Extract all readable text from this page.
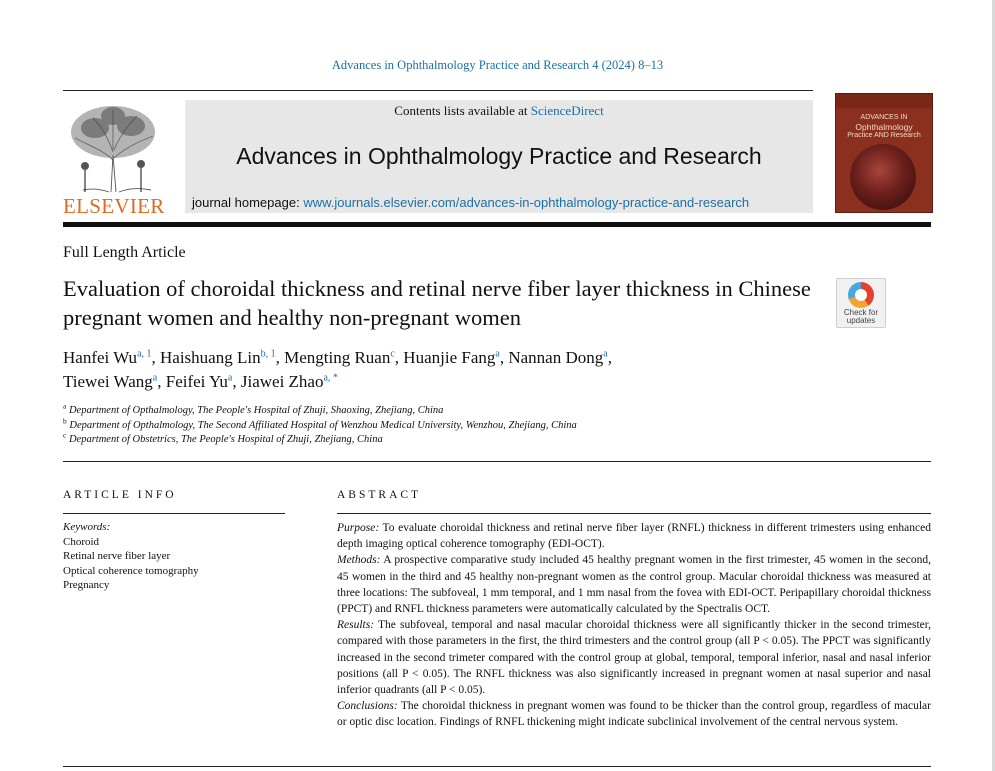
Advances in Ophthalmology Practice and Research 4 (2024) 8–13
ELSEVIER
Contents lists available at ScienceDirect
Advances in Ophthalmology Practice and Research
journal homepage: www.journals.elsevier.com/advances-in-ophthalmology-practice-and-research
ADVANCES IN
Ophthalmology
Practice AND Research
Full Length Article
Evaluation of choroidal thickness and retinal nerve fiber layer thickness in Chinese pregnant women and healthy non-pregnant women	Check for updates
Hanfei Wu$^{a, 1}$, Haishuang Lin$^{b, 1}$, Mengting Ruan$^c$, Huanjie Fang$^a$, Nannan Dong$^a$,
Tiewei Wang$^a$, Feifei Yu$^a$, Jiawei Zhao$^{a, *}$
$^a$ Department of Opthalmology, The People's Hospital of Zhuji, Shaoxing, Zhejiang, China
$^b$ Department of Opthalmology, The Second Affiliated Hospital of Wenzhou Medical University, Wenzhou, Zhejiang, China
$^c$ Department of Obstetrics, The People's Hospital of Zhuji, Zhejiang, China
ARTICLE INFO	ABSTRACT
Keywords:
Choroid
Retinal nerve fiber layer
Optical coherence tomography
Pregnancy

Purpose: To evaluate choroidal thickness and retinal nerve fiber layer (RNFL) thickness in different trimesters using enhanced depth imaging optical coherence tomography (EDI-OCT).

Methods: A prospective comparative study included 45 healthy pregnant women in the first trimester, 45 women in the second, 45 women in the third and 45 healthy non-pregnant women as the control group. Macular choroidal thickness was measured at three locations: The subfoveal, 1 mm temporal, and 1 mm nasal from the fovea with EDI-OCT. Peripapillary choroidal thickness (PPCT) and RNFL thickness parameters were automatically calculated by the Spectralis OCT.

Results: The subfoveal, temporal and nasal macular choroidal thickness were all significantly thicker in the second trimester, compared with those parameters in the first, the third trimesters and the control group (all P < 0.05). The PPCT was significantly increased in the second trimeter compared with the control group at global, temporal, temporal inferior, nasal and nasal inferior positions (all P < 0.05). The RNFL thickness was also significantly increased in pregnant women at nasal superior and nasal inferior quadrants (all P < 0.05).

Conclusions: The choroidal thickness in pregnant women was found to be thicker than the control group, regardless of macular or optic disc location. Findings of RNFL thickening might indicate subclinical involvement of the central nervous system.
